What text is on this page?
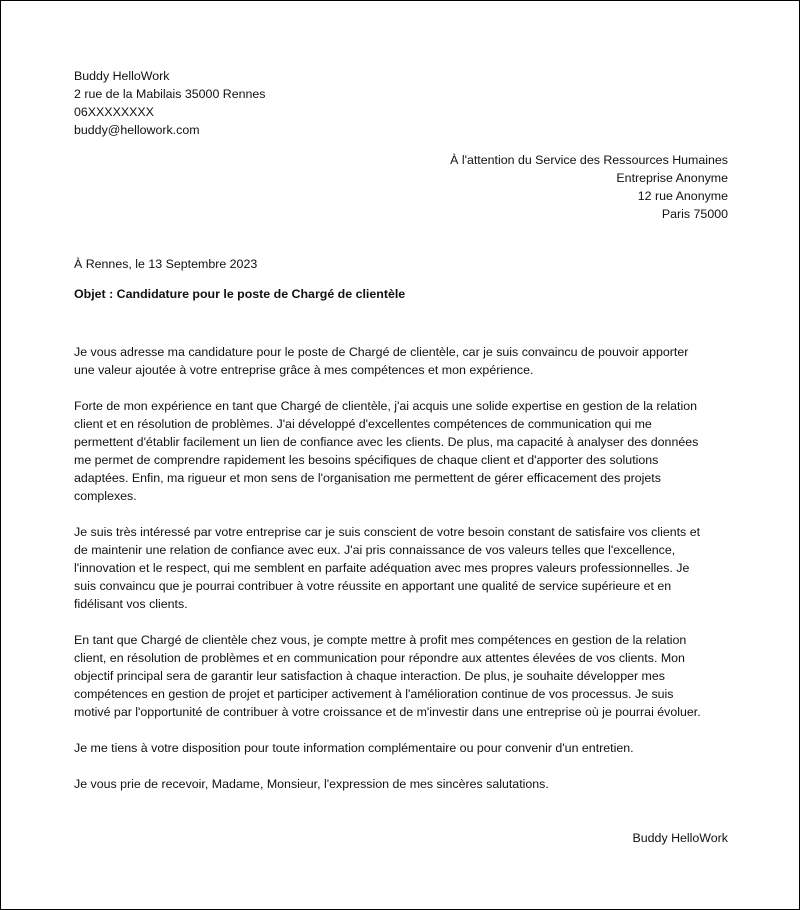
Buddy HelloWork
2 rue de la Mabilais 35000 Rennes
06XXXXXXXX
buddy@hellowork.com
À l'attention du Service des Ressources Humaines
Entreprise Anonyme
12 rue Anonyme
Paris 75000
À Rennes, le 13 Septembre 2023
Objet : Candidature pour le poste de Chargé de clientèle
Je vous adresse ma candidature pour le poste de Chargé de clientèle, car je suis convaincu de pouvoir apporter
une valeur ajoutée à votre entreprise grâce à mes compétences et mon expérience.
Forte de mon expérience en tant que Chargé de clientèle, j'ai acquis une solide expertise en gestion de la relation
client et en résolution de problèmes. J'ai développé d'excellentes compétences de communication qui me
permettent d'établir facilement un lien de confiance avec les clients. De plus, ma capacité à analyser des données
me permet de comprendre rapidement les besoins spécifiques de chaque client et d'apporter des solutions
adaptées. Enfin, ma rigueur et mon sens de l'organisation me permettent de gérer efficacement des projets
complexes.
Je suis très intéressé par votre entreprise car je suis conscient de votre besoin constant de satisfaire vos clients et
de maintenir une relation de confiance avec eux. J'ai pris connaissance de vos valeurs telles que l'excellence,
l'innovation et le respect, qui me semblent en parfaite adéquation avec mes propres valeurs professionnelles. Je
suis convaincu que je pourrai contribuer à votre réussite en apportant une qualité de service supérieure et en
fidélisant vos clients.
En tant que Chargé de clientèle chez vous, je compte mettre à profit mes compétences en gestion de la relation
client, en résolution de problèmes et en communication pour répondre aux attentes élevées de vos clients. Mon
objectif principal sera de garantir leur satisfaction à chaque interaction. De plus, je souhaite développer mes
compétences en gestion de projet et participer activement à l'amélioration continue de vos processus. Je suis
motivé par l'opportunité de contribuer à votre croissance et de m'investir dans une entreprise où je pourrai évoluer.
Je me tiens à votre disposition pour toute information complémentaire ou pour convenir d'un entretien.
Je vous prie de recevoir, Madame, Monsieur, l'expression de mes sincères salutations.
Buddy HelloWork
